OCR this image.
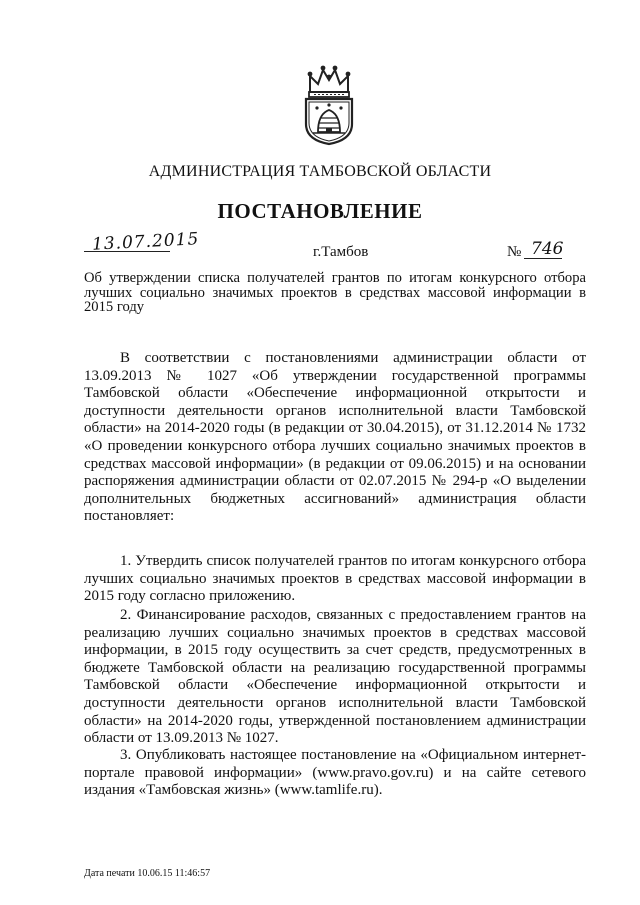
АДМИНИСТРАЦИЯ ТАМБОВСКОЙ ОБЛАСТИ
ПОСТАНОВЛЕНИЕ
13.07.2015	г.Тамбов	№ 746
Об утверждении списка получателей грантов по итогам конкурсного отбора лучших социально значимых проектов в средствах массовой информации в 2015 году
В соответствии с постановлениями администрации области от 13.09.2013 № 1027 «Об утверждении государственной программы Тамбовской области «Обеспечение информационной открытости и доступности деятельности органов исполнительной власти Тамбовской области» на 2014-2020 годы (в редакции от 30.04.2015), от 31.12.2014 № 1732 «О проведении конкурсного отбора лучших социально значимых проектов в средствах массовой информации» (в редакции от 09.06.2015) и на основании распоряжения администрации области от 02.07.2015 № 294-р «О выделении дополнительных бюджетных ассигнований» администрация области постановляет:
1. Утвердить список получателей грантов по итогам конкурсного отбора лучших социально значимых проектов в средствах массовой информации в 2015 году согласно приложению.
2. Финансирование расходов, связанных с предоставлением грантов на реализацию лучших социально значимых проектов в средствах массовой информации, в 2015 году осуществить за счет средств, предусмотренных в бюджете Тамбовской области на реализацию государственной программы Тамбовской области «Обеспечение информационной открытости и доступности деятельности органов исполнительной власти Тамбовской области» на 2014-2020 годы, утвержденной постановлением администрации области от 13.09.2013 № 1027.
3. Опубликовать настоящее постановление на «Официальном интернет-портале правовой информации» (www.pravo.gov.ru) и на сайте сетевого издания «Тамбовская жизнь» (www.tamlife.ru).
Дата печати 10.06.15 11:46:57
